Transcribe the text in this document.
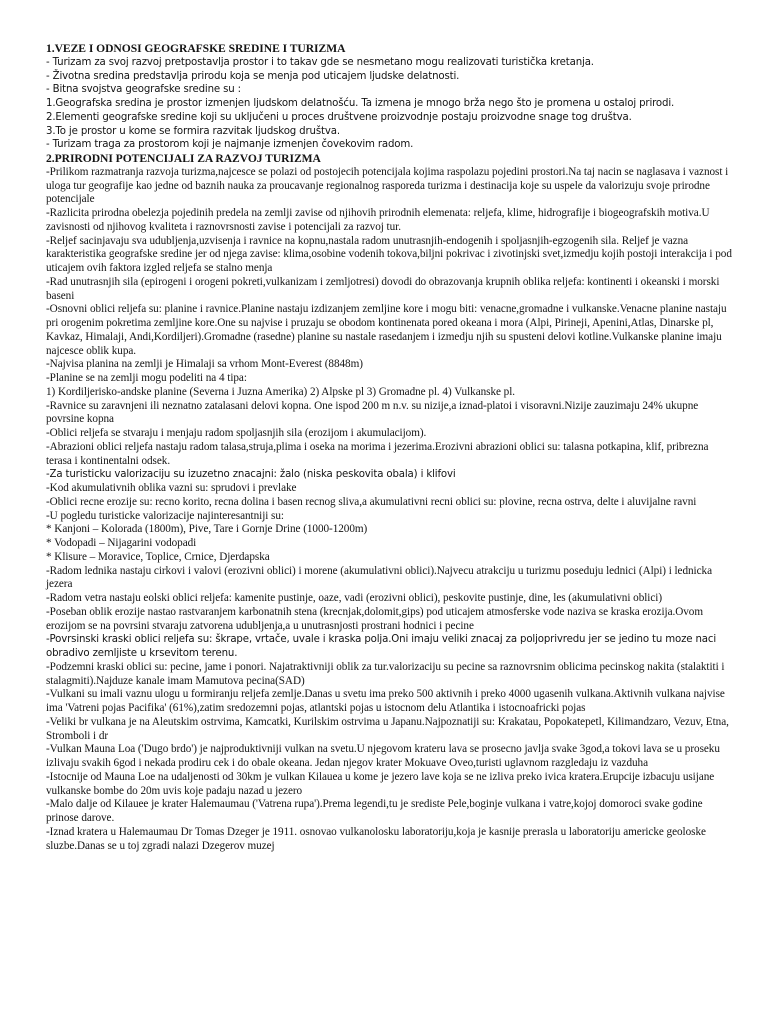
1.VEZE I ODNOSI GEOGRAFSKE SREDINE I TURIZMA

- Turizam za svoj razvoj pretpostavlja prostor i to takav gde se nesmetano mogu realizovati turistička kretanja.

- Životna sredina predstavlja prirodu koja se menja pod uticajem ljudske delatnosti.

- Bitna svojstva geografske sredine su :

1.Geografska sredina je prostor izmenjen ljudskom delatnošću. Ta izmena je mnogo brža nego što je promena u ostaloj prirodi.

2.Elementi geografske sredine koji su uključeni u proces društvene proizvodnje postaju proizvodne snage tog društva.

3.To je prostor u kome se formira razvitak ljudskog društva.

- Turizam traga za prostorom koji je najmanje izmenjen čovekovim radom.

2.PRIRODNI POTENCIJALI ZA RAZVOJ TURIZMA

-Prilikom razmatranja razvoja turizma,najcesce se polazi od postojecih potencijala kojima raspolazu pojedini prostori.Na taj nacin se naglasava i vaznost i uloga tur geografije kao jedne od baznih nauka za proucavanje regionalnog rasporeda turizma i destinacija koje su uspele da valorizuju svoje prirodne potencijale

-Razlicita prirodna obelezja pojedinih predela na zemlji zavise od njihovih prirodnih elemenata: reljefa, klime, hidrografije i biogeografskih motiva.U zavisnosti od njihovog kvaliteta i raznovrsnosti zavise i potencijali za razvoj tur.

-Reljef sacinjavaju sva udubljenja,uzvisenja i ravnice na kopnu,nastala radom unutrasnjih-endogenih i spoljasnjih-egzogenih sila. Reljef je vazna karakteristika geografske sredine jer od njega zavise: klima,osobine vodenih tokova,biljni pokrivac i zivotinjski svet,izmedju kojih postoji interakcija i pod uticajem ovih faktora izgled reljefa se stalno menja

-Rad unutrasnjih sila (epirogeni i orogeni pokreti,vulkanizam i zemljotresi) dovodi do obrazovanja krupnih oblika reljefa: kontinenti i okeanski i morski baseni

-Osnovni oblici reljefa su: planine i ravnice.Planine nastaju izdizanjem zemljine kore i mogu biti: venacne,gromadne i vulkanske.Venacne planine nastaju pri orogenim pokretima zemljine kore.One su najvise i pruzaju se obodom kontinenata pored okeana i mora (Alpi, Pirineji, Apenini,Atlas, Dinarske pl, Kavkaz, Himalaji, Andi,Kordiljeri).Gromadne (rasedne) planine su nastale rasedanjem i izmedju njih su spusteni delovi kotline.Vulkanske planine imaju najcesce oblik kupa.

-Najvisa planina na zemlji je Himalaji sa vrhom Mont-Everest (8848m)

-Planine se na zemlji mogu podeliti na 4 tipa:

1) Kordiljerisko-andske planine (Severna i Juzna Amerika) 2) Alpske pl 3) Gromadne pl. 4) Vulkanske pl.

-Ravnice su zaravnjeni ili neznatno zatalasani delovi kopna. One ispod 200 m n.v. su nizije,a iznad-platoi i visoravni.Nizije zauzimaju 24% ukupne povrsine kopna

-Oblici reljefa se stvaraju i menjaju radom spoljasnjih sila (erozijom i akumulacijom).

-Abrazioni oblici reljefa nastaju radom talasa,struja,plima i oseka na morima i jezerima.Erozivni abrazioni oblici su: talasna potkapina, klif, pribrezna terasa i kontinentalni odsek.

-Za turisticku valorizaciju su izuzetno znacajni: žalo (niska peskovita obala) i klifovi

-Kod akumulativnih oblika vazni su: sprudovi i prevlake

-Oblici recne erozije su: recno korito, recna dolina i basen recnog sliva,a akumulativni recni oblici su: plovine, recna ostrva, delte i aluvijalne ravni

-U pogledu turisticke valorizacije najinteresantniji su:

* Kanjoni – Kolorada (1800m), Pive, Tare i Gornje Drine (1000-1200m)

* Vodopadi – Nijagarini vodopadi

* Klisure – Moravice, Toplice, Crnice, Djerdapska

-Radom lednika nastaju cirkovi i valovi (erozivni oblici) i morene (akumulativni oblici).Najvecu atrakciju u turizmu poseduju lednici (Alpi) i lednicka jezera

-Radom vetra nastaju eolski oblici reljefa: kamenite pustinje, oaze, vadi (erozivni oblici), peskovite pustinje, dine, les (akumulativni oblici)

-Poseban oblik erozije nastao rastvaranjem karbonatnih stena (krecnjak,dolomit,gips) pod uticajem atmosferske vode naziva se kraska erozija.Ovom erozijom se na povrsini stvaraju zatvorena udubljenja,a u unutrasnjosti prostrani hodnici i pecine

-Povrsinski kraski oblici reljefa su: škrape, vrtače, uvale i kraska polja.Oni imaju veliki znacaj za poljoprivredu jer se jedino tu moze naci obradivo zemljiste u krsevitom terenu.

-Podzemni kraski oblici su: pecine, jame i ponori. Najatraktivniji oblik za tur.valorizaciju su pecine sa raznovrsnim oblicima pecinskog nakita (stalaktiti i stalagmiti).Najduze kanale imam Mamutova pecina(SAD)

-Vulkani su imali vaznu ulogu u formiranju reljefa zemlje.Danas u svetu ima preko 500 aktivnih i preko 4000 ugasenih vulkana.Aktivnih vulkana najvise ima 'Vatreni pojas Pacifika' (61%),zatim sredozemni pojas, atlantski pojas u istocnom delu Atlantika i istocnoafricki pojas

-Veliki br vulkana je na Aleutskim ostrvima, Kamcatki, Kurilskim ostrvima u Japanu.Najpoznatiji su: Krakatau, Popokatepetl, Kilimandzaro, Vezuv, Etna, Stromboli i dr

-Vulkan Mauna Loa ('Dugo brdo') je najproduktivniji vulkan na svetu.U njegovom krateru lava se prosecno javlja svake 3god,a tokovi lava se u proseku izlivaju svakih 6god i nekada prodiru cek i do obale okeana. Jedan njegov krater Mokuave Oveo,turisti uglavnom razgledaju iz vazduha

-Istocnije od Mauna Loe na udaljenosti od 30km je vulkan Kilauea u kome je jezero lave koja se ne izliva preko ivica kratera.Erupcije izbacuju usijane vulkanske bombe do 20m uvis koje padaju nazad u jezero

-Malo dalje od Kilauee je krater Halemaumau ('Vatrena rupa').Prema legendi,tu je srediste Pele,boginje vulkana i vatre,kojoj domoroci svake godine prinose darove.

-Iznad kratera u Halemaumau Dr Tomas Dzeger je 1911. osnovao vulkanolosku laboratoriju,koja je kasnije prerasla u laboratoriju americke geoloske sluzbe.Danas se u toj zgradi nalazi Dzegerov muzej
